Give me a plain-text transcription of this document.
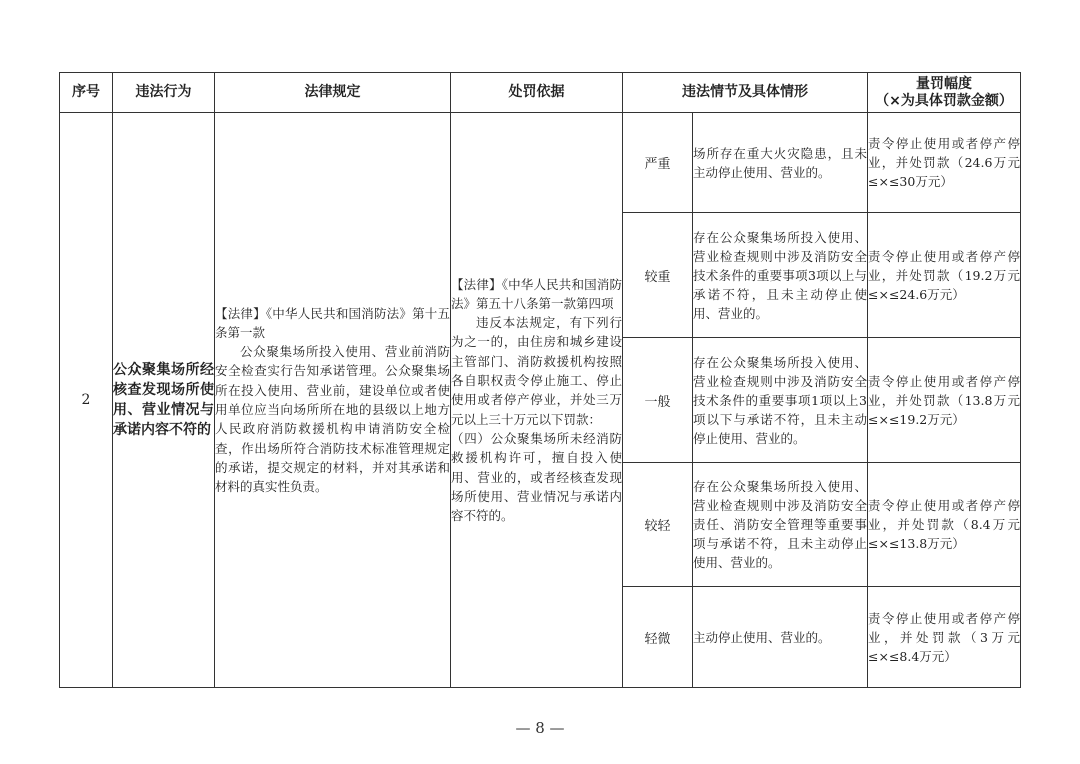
序号	违法行为	法律规定	处罚依据	违法情节及具体情形		量罚幅度
（×为具体罚款金额）

2	公众聚集场所经核查发现场所使用、营业情况与承诺内容不符的	【法律】《中华人民共和国消防法》第十五条第一款
公众聚集场所投入使用、营业前消防安全检查实行告知承诺管理。公众聚集场所在投入使用、营业前，建设单位或者使用单位应当向场所所在地的县级以上地方人民政府消防救援机构申请消防安全检查，作出场所符合消防技术标准管理规定的承诺，提交规定的材料，并对其承诺和材料的真实性负责。	【法律】《中华人民共和国消防法》第五十八条第一款第四项
违反本法规定，有下列行为之一的，由住房和城乡建设主管部门、消防救援机构按照各自职权责令停止施工、停止使用或者停产停业，并处三万元以上三十万元以下罚款：
（四）公众聚集场所未经消防救援机构许可，擅自投入使用、营业的，或者经核查发现场所使用、营业情况与承诺内容不符的。	严重	场所存在重大火灾隐患，且未主动停止使用、营业的。	责令停止使用或者停产停业，并处罚款（24.6万元≤×≤30万元）
				较重	存在公众聚集场所投入使用、营业检查规则中涉及消防安全技术条件的重要事项3项以上与承诺不符，且未主动停止使用、营业的。	责令停止使用或者停产停业，并处罚款（19.2万元≤×≤24.6万元）
				一般	存在公众聚集场所投入使用、营业检查规则中涉及消防安全技术条件的重要事项1项以上3项以下与承诺不符，且未主动停止使用、营业的。	责令停止使用或者停产停业，并处罚款（13.8万元≤×≤19.2万元）
				较轻	存在公众聚集场所投入使用、营业检查规则中涉及消防安全责任、消防安全管理等重要事项与承诺不符，且未主动停止使用、营业的。	责令停止使用或者停产停业，并处罚款（8.4万元≤×≤13.8万元）
				轻微	主动停止使用、营业的。	责令停止使用或者停产停业，并处罚款（3万元≤×≤8.4万元）
— 8 —
